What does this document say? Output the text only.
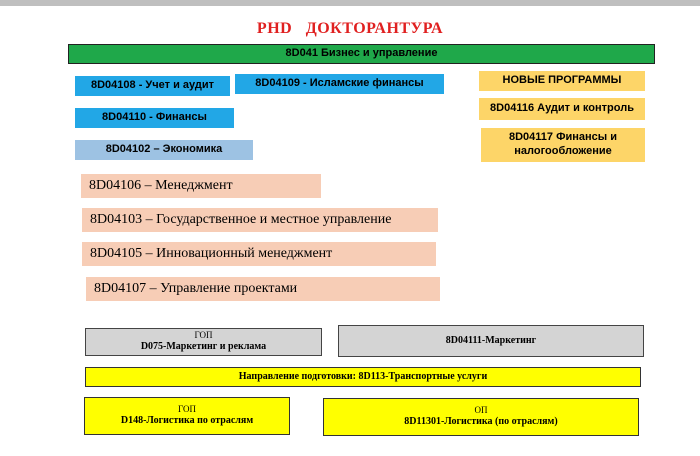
PHD   ДОКТОРАНТУРА
8D041 Бизнес и управление
8D04108 - Учет и аудит	8D04109 - Исламские финансы
8D04110 - Финансы
8D04102 – Экономика
НОВЫЕ ПРОГРАММЫ
8D04116 Аудит и контроль
8D04117 Финансы и
налогообложение
8D04106 – Менеджмент
8D04103 – Государственное и местное управление
8D04105 – Инновационный менеджмент
8D04107 – Управление проектами
ГОП
D075-Маркетинг и реклама
8D04111-Маркетинг
Направление подготовки: 8D113-Транспортные услуги
ГОП
D148-Логистика по отраслям
ОП
8D11301-Логистика (по отраслям)
